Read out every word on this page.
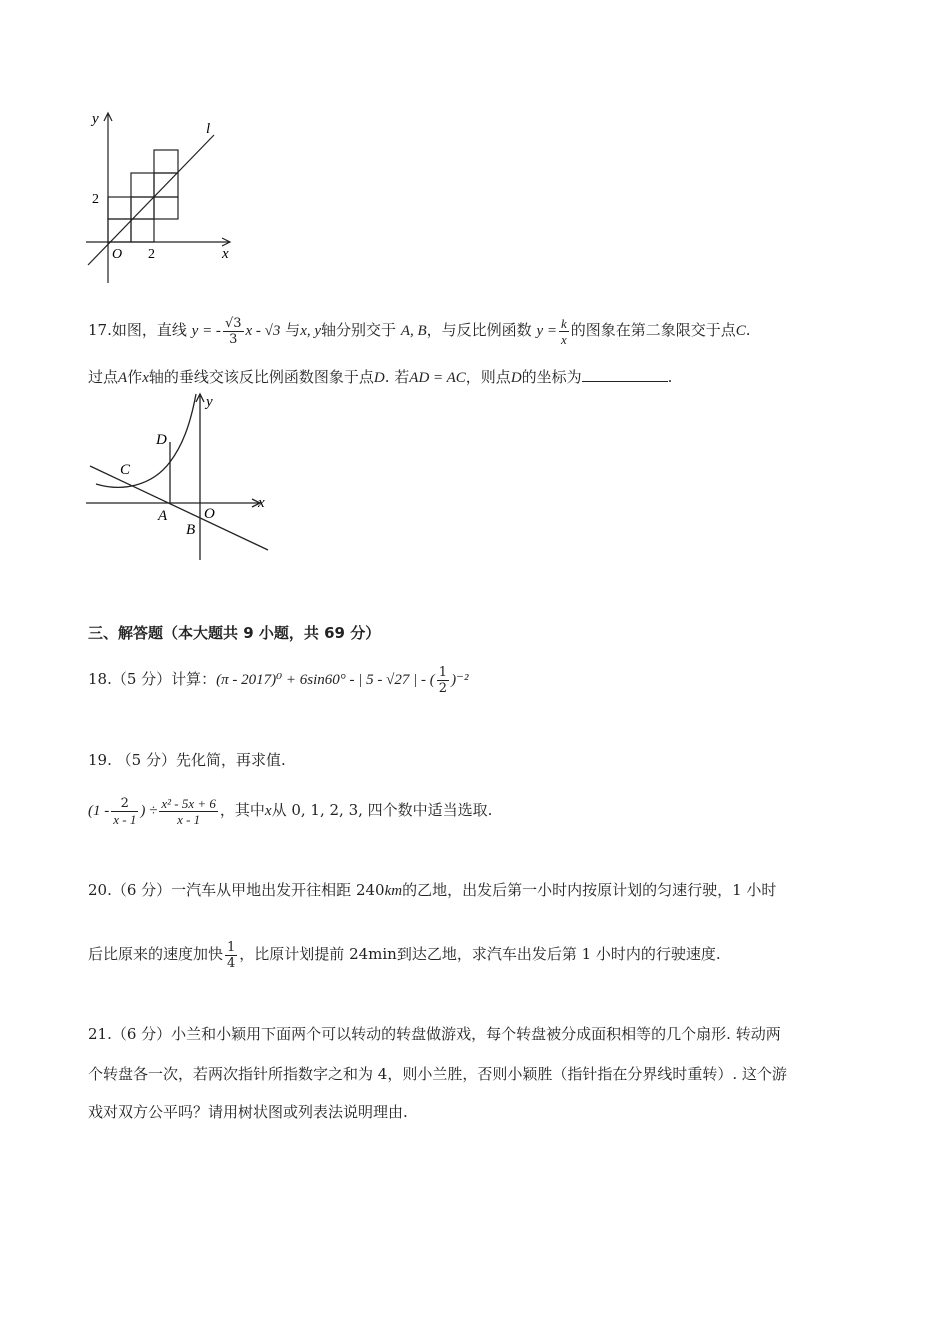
y
l
2
O 2	x
17.如图，直线 y = - $\frac{√3}{3}$ x - √3 与x, y轴分别交于 A, B，与反比例函数 $y = \frac{k}{x}$ 的图象在第二象限交于点C.
过点A作x轴的垂线交该反比例函数图象于点D. 若AD = AC，则点D的坐标为	.
y
D
C
x
A O
B
三、解答题（本大题共 9 小题，共 69 分）
18.（5 分）计算：(π - 2017)⁰ + 6sin60° - | 5 - √27 | - ( $\frac{1}{2} )^{-2}$
19. （5 分）先化简，再求值.
($1 - \frac{2}{x - 1}$ ) ÷ $\frac{\text{x² - 5x + 6}}{x - 1}$ ，其中x从 0, 1, 2, 3, 四个数中适当选取.
20.（6 分）一汽车从甲地出发开往相距 240km的乙地，出发后第一小时内按原计划的匀速行驶，1 小时
后比原来的速度加快 $\frac{1}{4}$ ，比原计划提前 24min到达乙地，求汽车出发后第 1 小时内的行驶速度.
21.（6 分）小兰和小颖用下面两个可以转动的转盘做游戏，每个转盘被分成面积相等的几个扇形. 转动两
个转盘各一次，若两次指针所指数字之和为 4，则小兰胜，否则小颖胜（指针指在分界线时重转）. 这个游
戏对双方公平吗？请用树状图或列表法说明理由.
